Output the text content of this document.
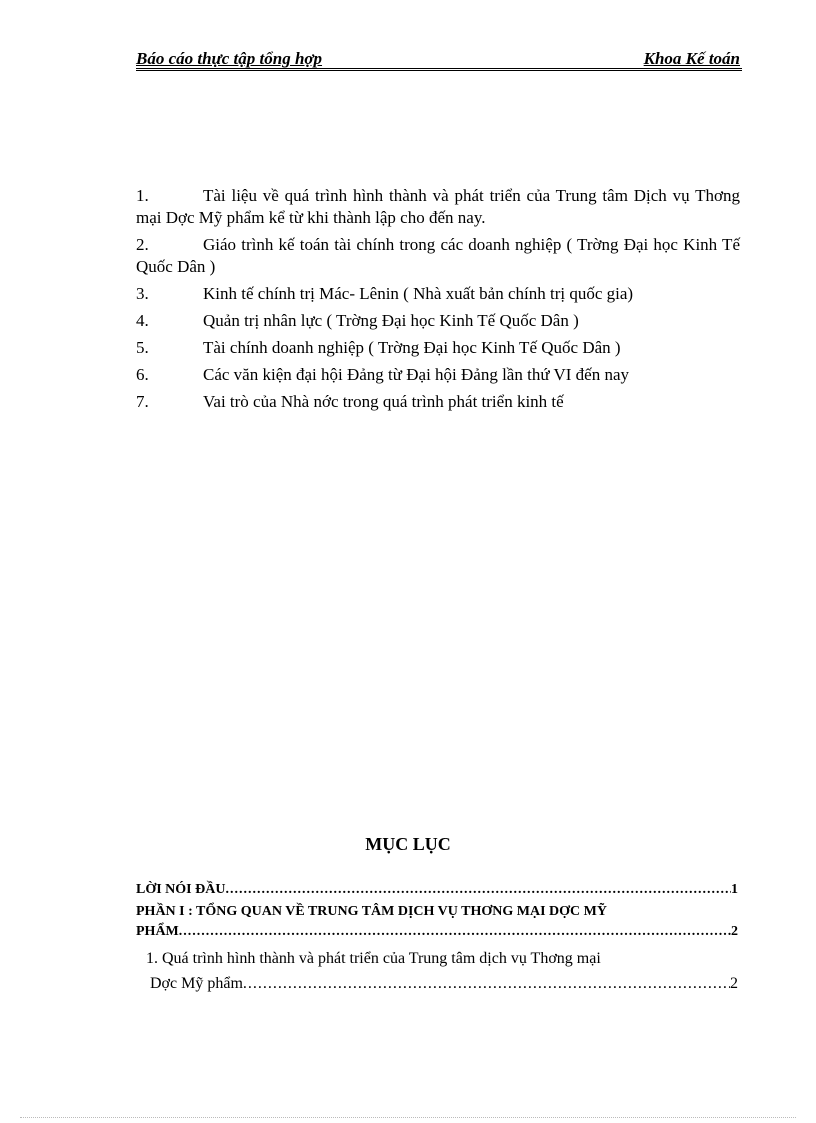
Báo cáo thực tập tổng hợp	Khoa Kế toán

1.	Tài liệu về quá trình hình thành và phát triển của Trung tâm Dịch vụ Thơng mại Dợc Mỹ phẩm kể từ khi thành lập cho đến nay.

2.	Giáo trình kế toán tài chính trong các doanh nghiệp ( Trờng Đại học Kinh Tế Quốc Dân )

3.	Kinh tế chính trị Mác- Lênin ( Nhà xuất bản chính trị quốc gia)

4.	Quản trị nhân lực ( Trờng Đại học Kinh Tế Quốc Dân )

5.	Tài chính doanh nghiệp ( Trờng Đại học Kinh Tế Quốc Dân )

6.	Các văn kiện đại hội Đảng từ Đại hội Đảng lần thứ VI đến nay

7.	Vai trò của Nhà nớc trong quá trình phát triển kinh tế

MỤC LỤC
LỜI NÓI ĐẦU .....	1
PHẦN I : TỔNG QUAN VỀ TRUNG TÂM DỊCH VỤ THƠNG MẠI DỢC MỸ
PHẨM .....	2
1. Quá trình hình thành và phát triển của Trung tâm dịch vụ Thơng mại
Dợc Mỹ phẩm .....	2
